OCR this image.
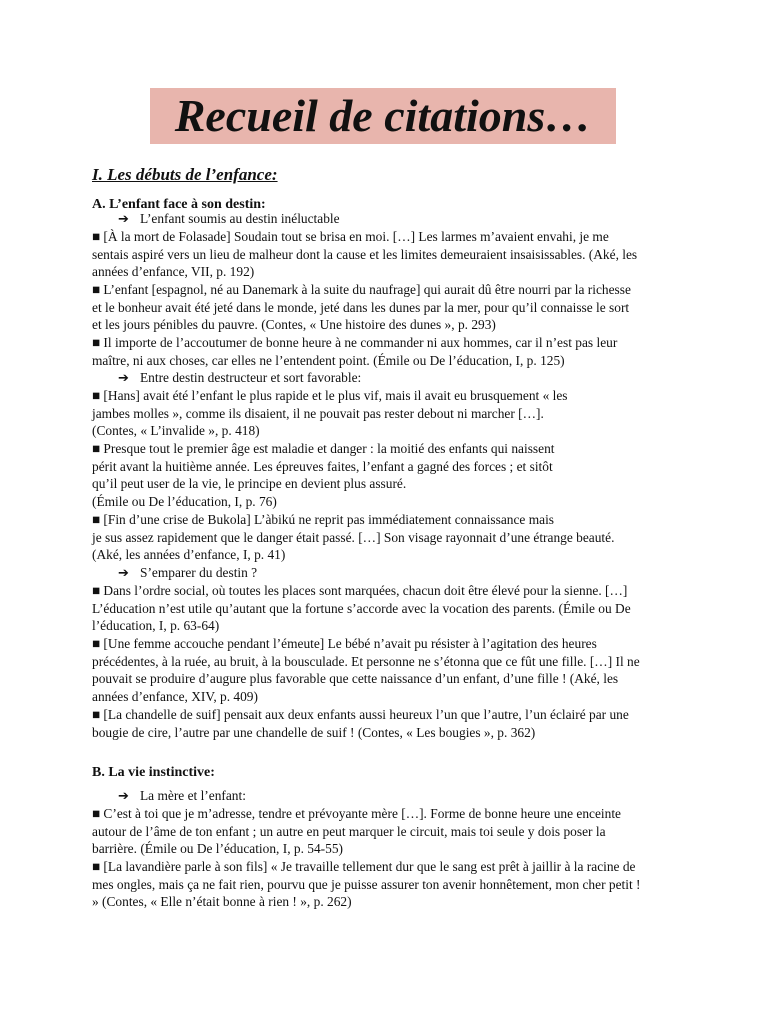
Recueil de citations…
I. Les débuts de l’enfance:
A. L’enfant face à son destin:
➔ L’enfant soumis au destin inéluctable
■ [À la mort de Folasade] Soudain tout se brisa en moi. […] Les larmes m’avaient envahi, je me
sentais aspiré vers un lieu de malheur dont la cause et les limites demeuraient insaisissables. (Aké, les
années d’enfance, VII, p. 192)
■ L’enfant [espagnol, né au Danemark à la suite du naufrage] qui aurait dû être nourri par la richesse
et le bonheur avait été jeté dans le monde, jeté dans les dunes par la mer, pour qu’il connaisse le sort
et les jours pénibles du pauvre. (Contes, « Une histoire des dunes », p. 293)
■ Il importe de l’accoutumer de bonne heure à ne commander ni aux hommes, car il n’est pas leur
maître, ni aux choses, car elles ne l’entendent point. (Émile ou De l’éducation, I, p. 125)
➔ Entre destin destructeur et sort favorable:
■ [Hans] avait été l’enfant le plus rapide et le plus vif, mais il avait eu brusquement « les
jambes molles », comme ils disaient, il ne pouvait pas rester debout ni marcher […].
(Contes, « L’invalide », p. 418)
■ Presque tout le premier âge est maladie et danger : la moitié des enfants qui naissent
périt avant la huitième année. Les épreuves faites, l’enfant a gagné des forces ; et sitôt
qu’il peut user de la vie, le principe en devient plus assuré.
(Émile ou De l’éducation, I, p. 76)
■ [Fin d’une crise de Bukola] L’àbikú ne reprit pas immédiatement connaissance mais
je sus assez rapidement que le danger était passé. […] Son visage rayonnait d’une étrange beauté.
(Aké, les années d’enfance, I, p. 41)
➔ S’emparer du destin ?
■ Dans l’ordre social, où toutes les places sont marquées, chacun doit être élevé pour la sienne. […]
L’éducation n’est utile qu’autant que la fortune s’accorde avec la vocation des parents. (Émile ou De
l’éducation, I, p. 63-64)
■ [Une femme accouche pendant l’émeute] Le bébé n’avait pu résister à l’agitation des heures
précédentes, à la ruée, au bruit, à la bousculade. Et personne ne s’étonna que ce fût une fille. […] Il ne
pouvait se produire d’augure plus favorable que cette naissance d’un enfant, d’une fille ! (Aké, les
années d’enfance, XIV, p. 409)
■ [La chandelle de suif] pensait aux deux enfants aussi heureux l’un que l’autre, l’un éclairé par une
bougie de cire, l’autre par une chandelle de suif ! (Contes, « Les bougies », p. 362)
B. La vie instinctive:
➔ La mère et l’enfant:
■ C’est à toi que je m’adresse, tendre et prévoyante mère […]. Forme de bonne heure une enceinte
autour de l’âme de ton enfant ; un autre en peut marquer le circuit, mais toi seule y dois poser la
barrière. (Émile ou De l’éducation, I, p. 54-55)
■ [La lavandière parle à son fils] « Je travaille tellement dur que le sang est prêt à jaillir à la racine de
mes ongles, mais ça ne fait rien, pourvu que je puisse assurer ton avenir honnêtement, mon cher petit !
» (Contes, « Elle n’était bonne à rien ! », p. 262)
